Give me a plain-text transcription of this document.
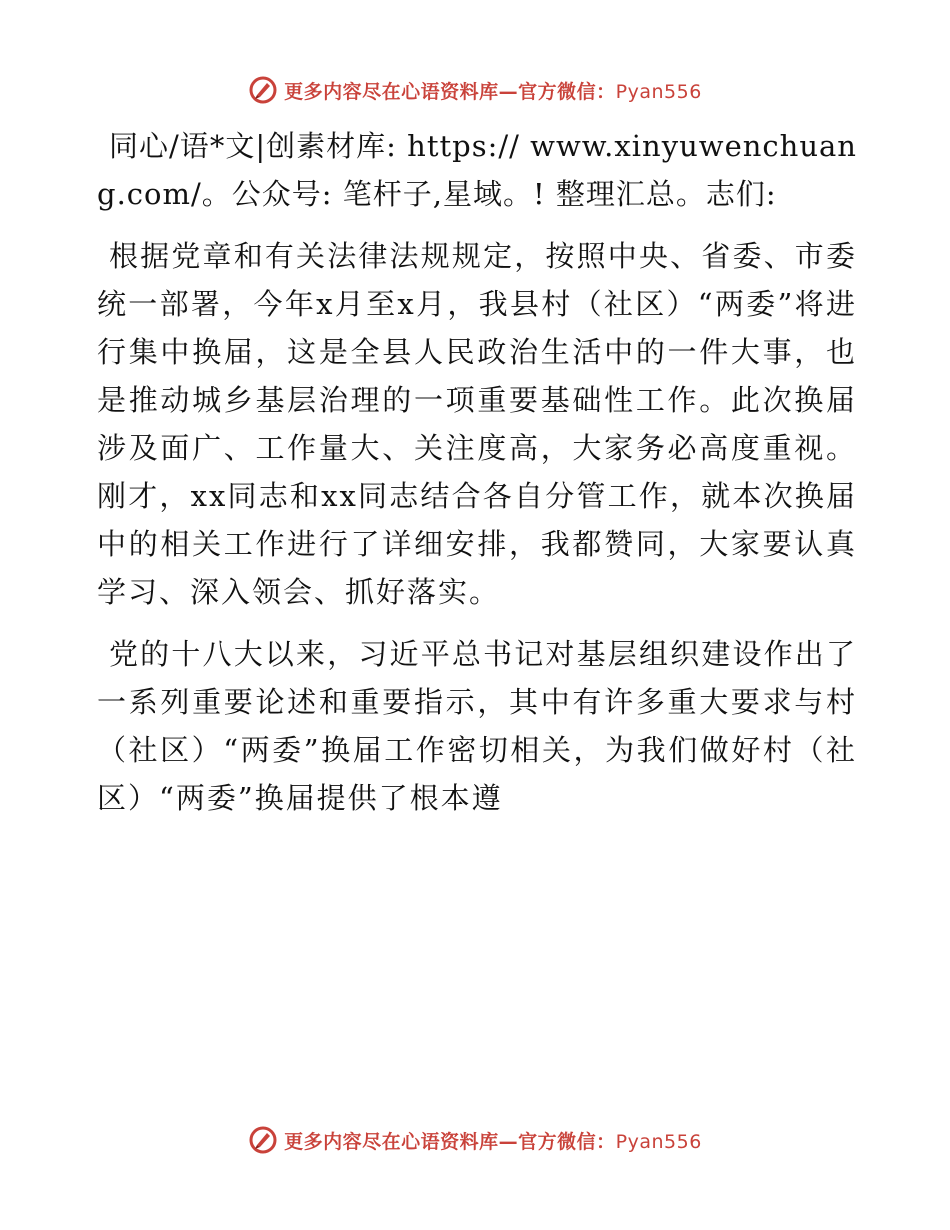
更多内容尽在心语资料库—官方微信：Pyan556

同心/语*文|创素材库: https:// www.xinyuwenchuang.com/。公众号: 笔杆子,星域。! 整理汇总。志们:

根据党章和有关法律法规规定，按照中央、省委、市委统一部署，今年x月至x月，我县村（社区）“两委”将进行集中换届，这是全县人民政治生活中的一件大事，也是推动城乡基层治理的一项重要基础性工作。此次换届涉及面广、工作量大、关注度高，大家务必高度重视。刚才，xx同志和xx同志结合各自分管工作，就本次换届中的相关工作进行了详细安排，我都赞同，大家要认真学习、深入领会、抓好落实。

党的十八大以来，习近平总书记对基层组织建设作出了一系列重要论述和重要指示，其中有许多重大要求与村（社区）“两委”换届工作密切相关，为我们做好村（社区）“两委”换届提供了根本遵

更多内容尽在心语资料库—官方微信：Pyan556
